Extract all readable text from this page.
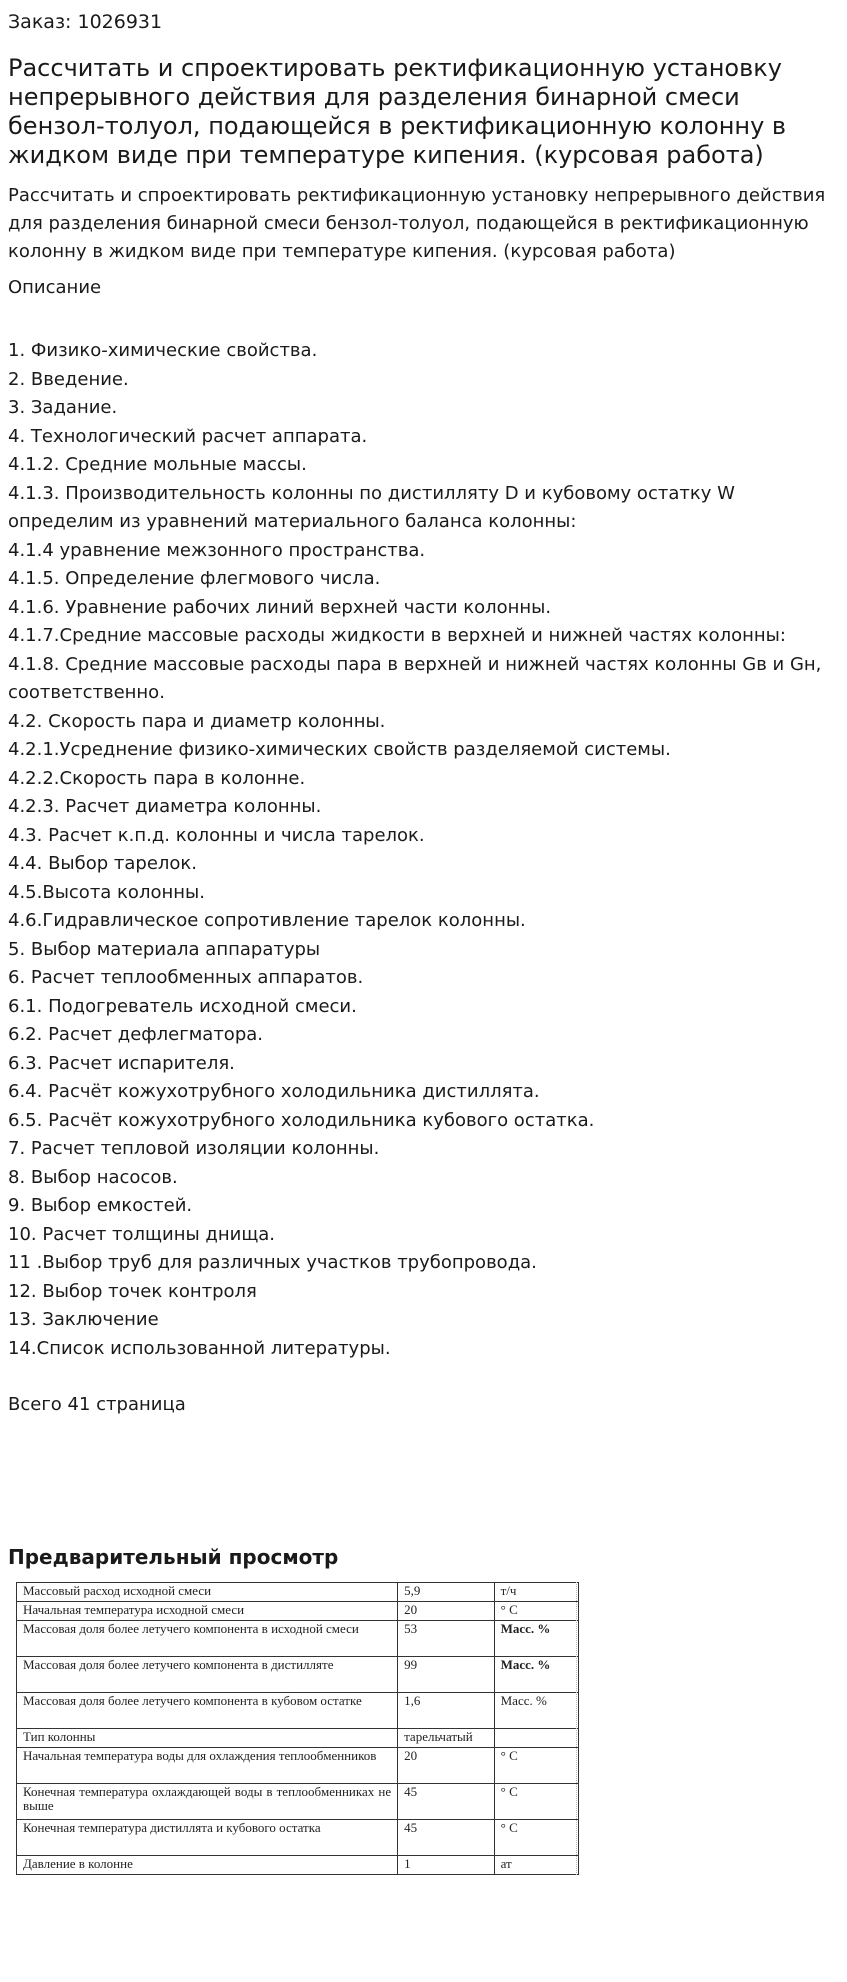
Заказ: 1026931
Рассчитать и спроектировать ректификационную установку непрерывного действия для разделения бинарной смеси бензол-толуол, подающейся в ректификационную колонну в жидком виде при температуре кипения. (курсовая работа)
Рассчитать и спроектировать ректификационную установку непрерывного действия для разделения бинарной смеси бензол-толуол, подающейся в ректификационную колонну в жидком виде при температуре кипения. (курсовая работа)
Описание
1. Физико-химические свойства.
2. Введение.
3. Задание.
4. Технологический расчет аппарата.
4.1.2. Средние мольные массы.
4.1.3. Производительность колонны по дистилляту D и кубовому остатку W определим из уравнений материального баланса колонны:
4.1.4 уравнение межзонного пространства.
4.1.5. Определение флегмового числа.
4.1.6. Уравнение рабочих линий верхней части колонны.
4.1.7.Средние массовые расходы жидкости в верхней и нижней частях колонны:
4.1.8. Средние массовые расходы пара в верхней и нижней частях колонны Gв и Gн, соответственно.
4.2. Скорость пара и диаметр колонны.
4.2.1.Усреднение физико-химических свойств разделяемой системы.
4.2.2.Скорость пара в колонне.
4.2.3. Расчет диаметра колонны.
4.3. Расчет к.п.д. колонны и числа тарелок.
4.4. Выбор тарелок.
4.5.Высота колонны.
4.6.Гидравлическое сопротивление тарелок колонны.
5. Выбор материала аппаратуры
6. Расчет теплообменных аппаратов.
6.1. Подогреватель исходной смеси.
6.2. Расчет дефлегматора.
6.3. Расчет испарителя.
6.4. Расчёт кожухотрубного холодильника дистиллята.
6.5. Расчёт кожухотрубного холодильника кубового остатка.
7. Расчет тепловой изоляции колонны.
8. Выбор насосов.
9. Выбор емкостей.
10. Расчет толщины днища.
11 .Выбор труб для различных участков трубопровода.
12. Выбор точек контроля
13. Заключение
14.Список использованной литературы.
Всего 41 страница
Предварительный просмотр
Массовый расход исходной смеси	5,9	т/ч
Начальная температура исходной смеси	20	° С
Массовая доля более летучего компонента в исходной смеси	53	Масс. %
Массовая доля более летучего компонента в дистилляте	99	Масс. %
Массовая доля более летучего компонента в кубовом остатке	1,6	Масс. %
Тип колонны	тарельчатый	
Начальная температура воды для охлаждения теплообменников	20	° С
Конечная температура охлаждающей воды в теплообменниках не выше	45	° С
Конечная температура дистиллята и кубового остатка	45	° С
Давление в колонне	1	ат
